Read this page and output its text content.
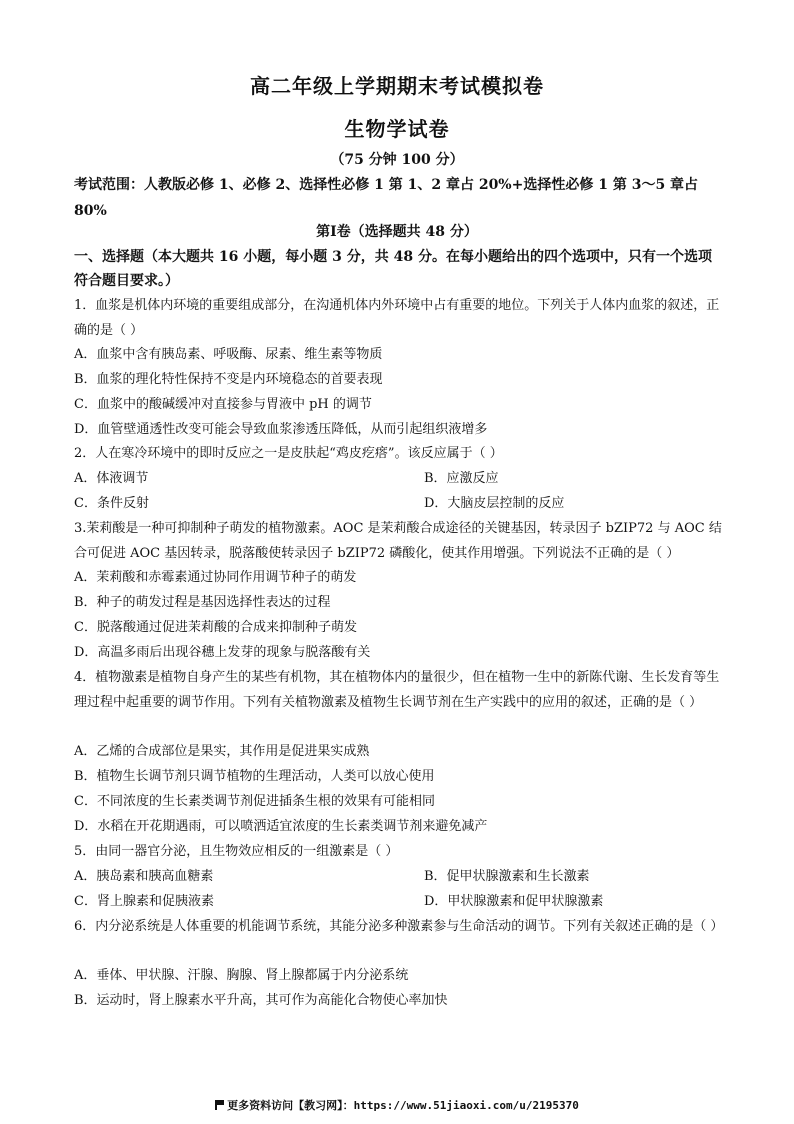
高二年级上学期期末考试模拟卷
生物学试卷
（75 分钟 100 分）
考试范围：人教版必修 1、必修 2、选择性必修 1 第 1、2 章占 20%+选择性必修 1 第 3～5 章占 80%
第Ⅰ卷（选择题共 48 分）
一、选择题（本大题共 16 小题，每小题 3 分，共 48 分。在每小题给出的四个选项中，只有一个选项符合题目要求。）
1．血浆是机体内环境的重要组成部分，在沟通机体内外环境中占有重要的地位。下列关于人体内血浆的叙述，正确的是（ ）
A．血浆中含有胰岛素、呼吸酶、尿素、维生素等物质
B．血浆的理化特性保持不变是内环境稳态的首要表现
C．血浆中的酸碱缓冲对直接参与胃液中 pH 的调节
D．血管壁通透性改变可能会导致血浆渗透压降低，从而引起组织液增多
2．人在寒冷环境中的即时反应之一是皮肤起“鸡皮疙瘩”。该反应属于（ ）
A．体液调节	B．应激反应
C．条件反射	D．大脑皮层控制的反应
3.茉莉酸是一种可抑制种子萌发的植物激素。AOC 是茉莉酸合成途径的关键基因，转录因子 bZIP72 与 AOC 结合可促进 AOC 基因转录，脱落酸使转录因子 bZIP72 磷酸化，使其作用增强。下列说法不正确的是（ ）
A．茉莉酸和赤霉素通过协同作用调节种子的萌发
B．种子的萌发过程是基因选择性表达的过程
C．脱落酸通过促进茉莉酸的合成来抑制种子萌发
D．高温多雨后出现谷穗上发芽的现象与脱落酸有关
4．植物激素是植物自身产生的某些有机物，其在植物体内的量很少，但在植物一生中的新陈代谢、生长发育等生理过程中起重要的调节作用。下列有关植物激素及植物生长调节剂在生产实践中的应用的叙述，正确的是（ ）
A．乙烯的合成部位是果实，其作用是促进果实成熟
B．植物生长调节剂只调节植物的生理活动，人类可以放心使用
C．不同浓度的生长素类调节剂促进插条生根的效果有可能相同
D．水稻在开花期遇雨，可以喷洒适宜浓度的生长素类调节剂来避免减产
5．由同一器官分泌，且生物效应相反的一组激素是（ ）
A．胰岛素和胰高血糖素	B．促甲状腺激素和生长激素
C．肾上腺素和促胰液素	D．甲状腺激素和促甲状腺激素
6．内分泌系统是人体重要的机能调节系统，其能分泌多种激素参与生命活动的调节。下列有关叙述正确的是（ ）
A．垂体、甲状腺、汗腺、胸腺、肾上腺都属于内分泌系统
B．运动时，肾上腺素水平升高，其可作为高能化合物使心率加快
更多资料访问【教习网】：https://www.51jiaoxi.com/u/2195370
